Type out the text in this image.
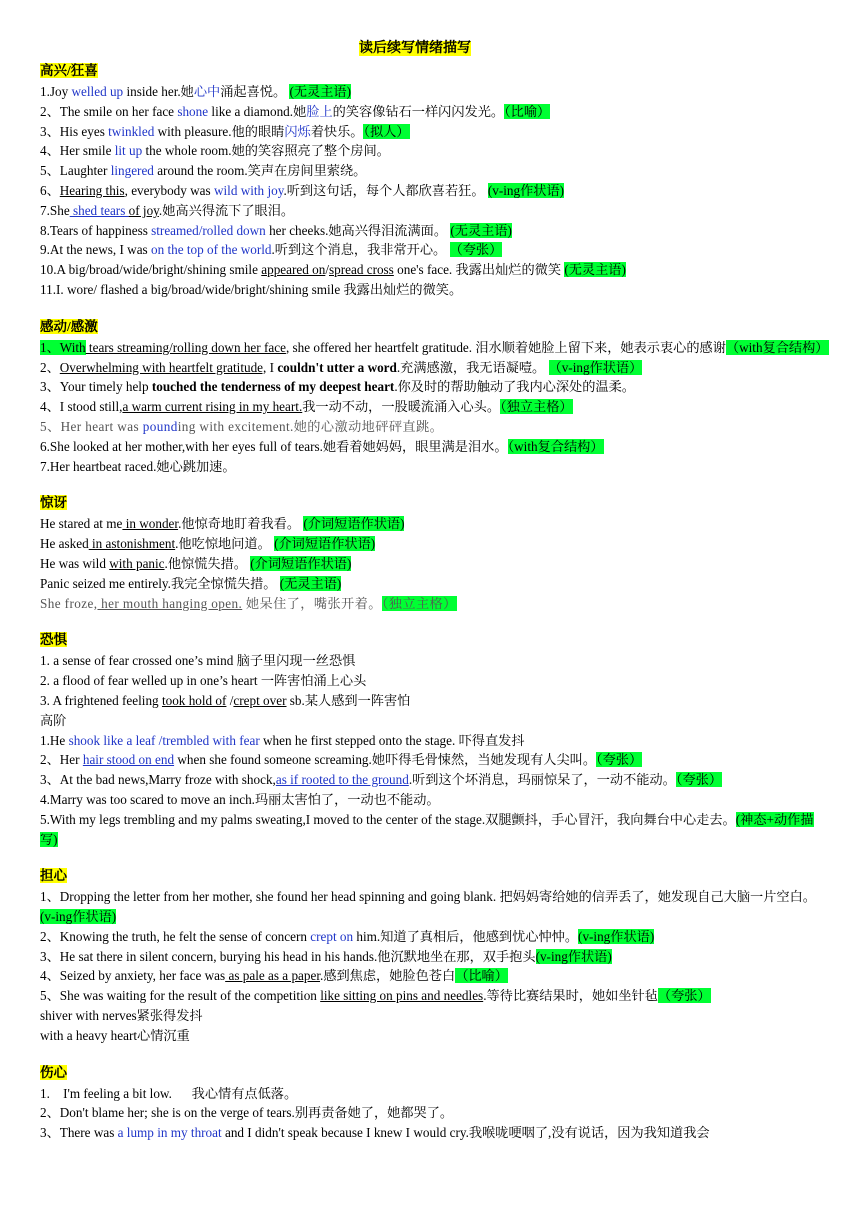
读后续写情绪描写
高兴/狂喜
1.Joy welled up inside her.她心中涌起喜悦。 (无灵主语)
2、The smile on her face shone like a diamond.她脸上的笑容像钻石一样闪闪发光。（比喻）
3、His eyes twinkled with pleasure.他的眼睛闪烁着快乐。（拟人）
4、Her smile lit up the whole room.她的笑容照亮了整个房间。
5、Laughter lingered around the room.笑声在房间里萦绕。
6、Hearing this, everybody was wild with joy.听到这句话，每个人都欣喜若狂。 (v-ing作状语)
7.She shed tears of joy.她高兴得流下了眼泪。
8.Tears of happiness streamed/rolled down her cheeks.她高兴得泪流满面。 (无灵主语)
9.At the news, I was on the top of the world.听到这个消息，我非常开心。 （夸张）
10.A big/broad/wide/bright/shining smile appeared on/spread cross one's face. 我露出灿烂的微笑 (无灵主语)
11.I. wore/ flashed a big/broad/wide/bright/shining smile 我露出灿烂的微笑。
感动/感激
1、With tears streaming/rolling down her face, she offered her heartfelt gratitude. 泪水顺着她脸上留下来，她表示衷心的感谢（with复合结构）
2、Overwhelming with heartfelt gratitude, I couldn't utter a word.充满感激，我无语凝噎。 （v-ing作状语）
3、Your timely help touched the tenderness of my deepest heart.你及时的帮助触动了我内心深处的温柔。
4、I stood still,a warm current rising in my heart.我一动不动，一股暖流涌入心头。（独立主格）
5、Her heart was pounding with excitement.她的心激动地砰砰直跳。
6.She looked at her mother,with her eyes full of tears.她看着她妈妈，眼里满是泪水。（with复合结构）
7.Her heartbeat raced.她心跳加速。
惊讶
He stared at me in wonder.他惊奇地盯着我看。 (介词短语作状语)
He asked in astonishment.他吃惊地问道。 (介词短语作状语)
He was wild with panic.他惊慌失措。 (介词短语作状语)
Panic seized me entirely.我完全惊慌失措。 (无灵主语)
She froze, her mouth hanging open. 她呆住了，嘴张开着。（独立主格）
恐惧
1. a sense of fear crossed one’s mind 脑子里闪现一丝恐惧
2. a flood of fear welled up in one’s heart 一阵害怕涌上心头
3. A frightened feeling took hold of /crept over sb.某人感到一阵害怕
高阶
1.He shook like a leaf /trembled with fear when he first stepped onto the stage. 吓得直发抖
2、Her hair stood on end when she found someone screaming.她吓得毛骨悚然，当她发现有人尖叫。（夸张）
3、At the bad news,Marry froze with shock,as if rooted to the ground.听到这个坏消息，玛丽惊呆了，一动不能动。（夸张）
4.Marry was too scared to move an inch.玛丽太害怕了，一动也不能动。
5.With my legs trembling and my palms sweating,I moved to the center of the stage.双腿颤抖，手心冒汗，我向舞台中心走去。(神态+动作描写)
担心
1、Dropping the letter from her mother, she found her head spinning and going blank. 把妈妈寄给她的信弄丢了，她发现自己大脑一片空白。(v-ing作状语)
2、Knowing the truth, he felt the sense of concern crept on him.知道了真相后，他感到忧心忡忡。(v-ing作状语)
3、He sat there in silent concern, burying his head in his hands.他沉默地坐在那，双手抱头(v-ing作状语)
4、Seized by anxiety, her face was as pale as a paper.感到焦虑，她脸色苍白（比喻）
5、She was waiting for the result of the competition like sitting on pins and needles.等待比赛结果时，她如坐针毡（夸张）
shiver with nerves紧张得发抖
with a heavy heart心情沉重
伤心
1.    I'm feeling a bit low.      我心情有点低落。
2、Don't blame her; she is on the verge of tears.别再责备她了，她都哭了。
3、There was a lump in my throat and I didn't speak because I knew I would cry.我喉咙哽咽了,没有说话，因为我知道我会
